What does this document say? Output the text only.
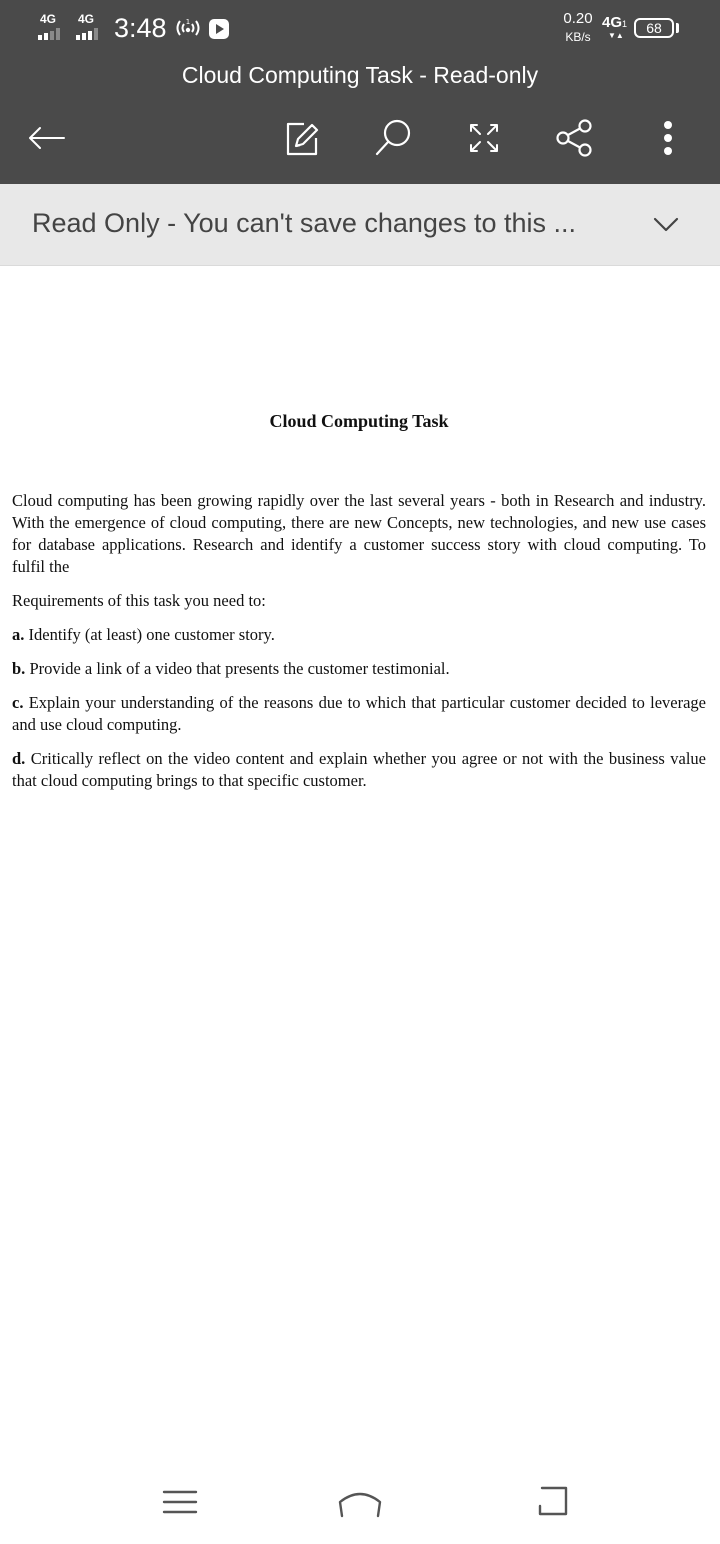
4G 4G 3:48	1	0.20
KB/s
4G1
▼▲	68
Cloud Computing Task - Read-only
Read Only - You can't save changes to this ...
Cloud Computing Task

Cloud computing has been growing rapidly over the last several years - both in Research and industry. With the emergence of cloud computing, there are new Concepts, new technologies, and new use cases for database applications. Research and identify a customer success story with cloud computing. To fulfil the

Requirements of this task you need to:

a. Identify (at least) one customer story.

b. Provide a link of a video that presents the customer testimonial.

c. Explain your understanding of the reasons due to which that particular customer decided to leverage and use cloud computing.

d. Critically reflect on the video content and explain whether you agree or not with the business value that cloud computing brings to that specific customer.
